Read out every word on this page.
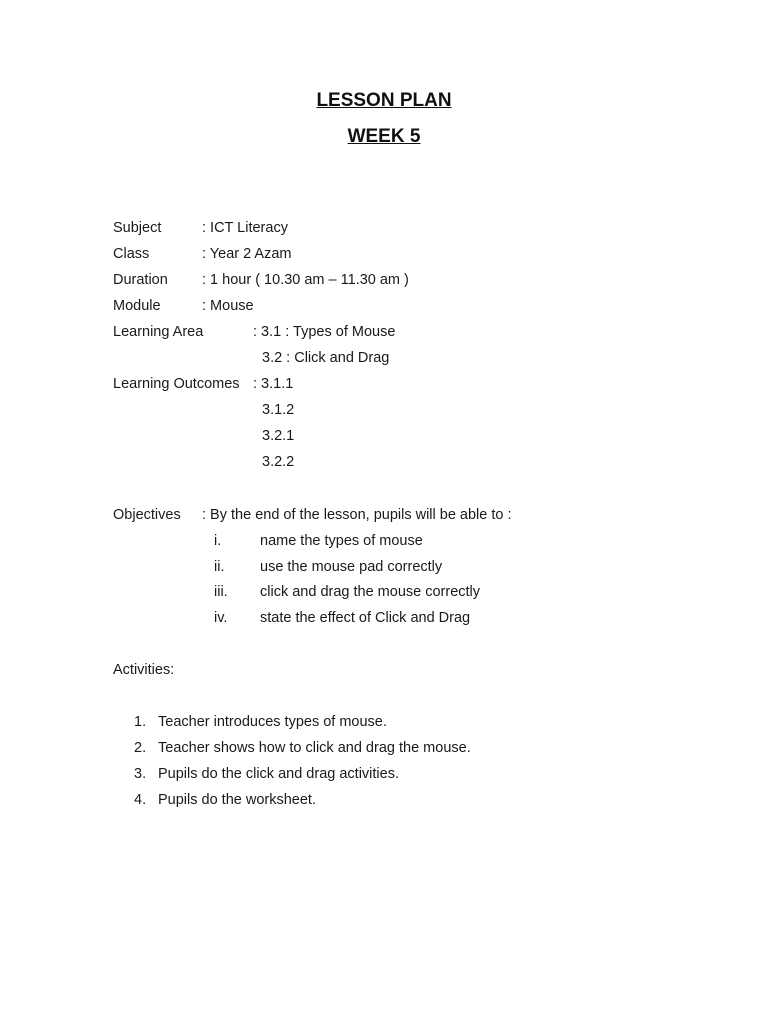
LESSON PLAN
WEEK 5
Subject	: ICT Literacy
Class	: Year 2 Azam
Duration : 1 hour ( 10.30 am – 11.30 am )
Module	: Mouse
Learning Area	: 3.1 : Types of Mouse
3.2 : Click and Drag
Learning Outcomes : 3.1.1
3.1.2
3.2.1
3.2.2
Objectives : By the end of the lesson, pupils will be able to :
i.	name the types of mouse
ii. use the mouse pad correctly
iii. click and drag the mouse correctly
iv. state the effect of Click and Drag
Activities:
1. Teacher introduces types of mouse.
2. Teacher shows how to click and drag the mouse.
3. Pupils do the click and drag activities.
4. Pupils do the worksheet.
